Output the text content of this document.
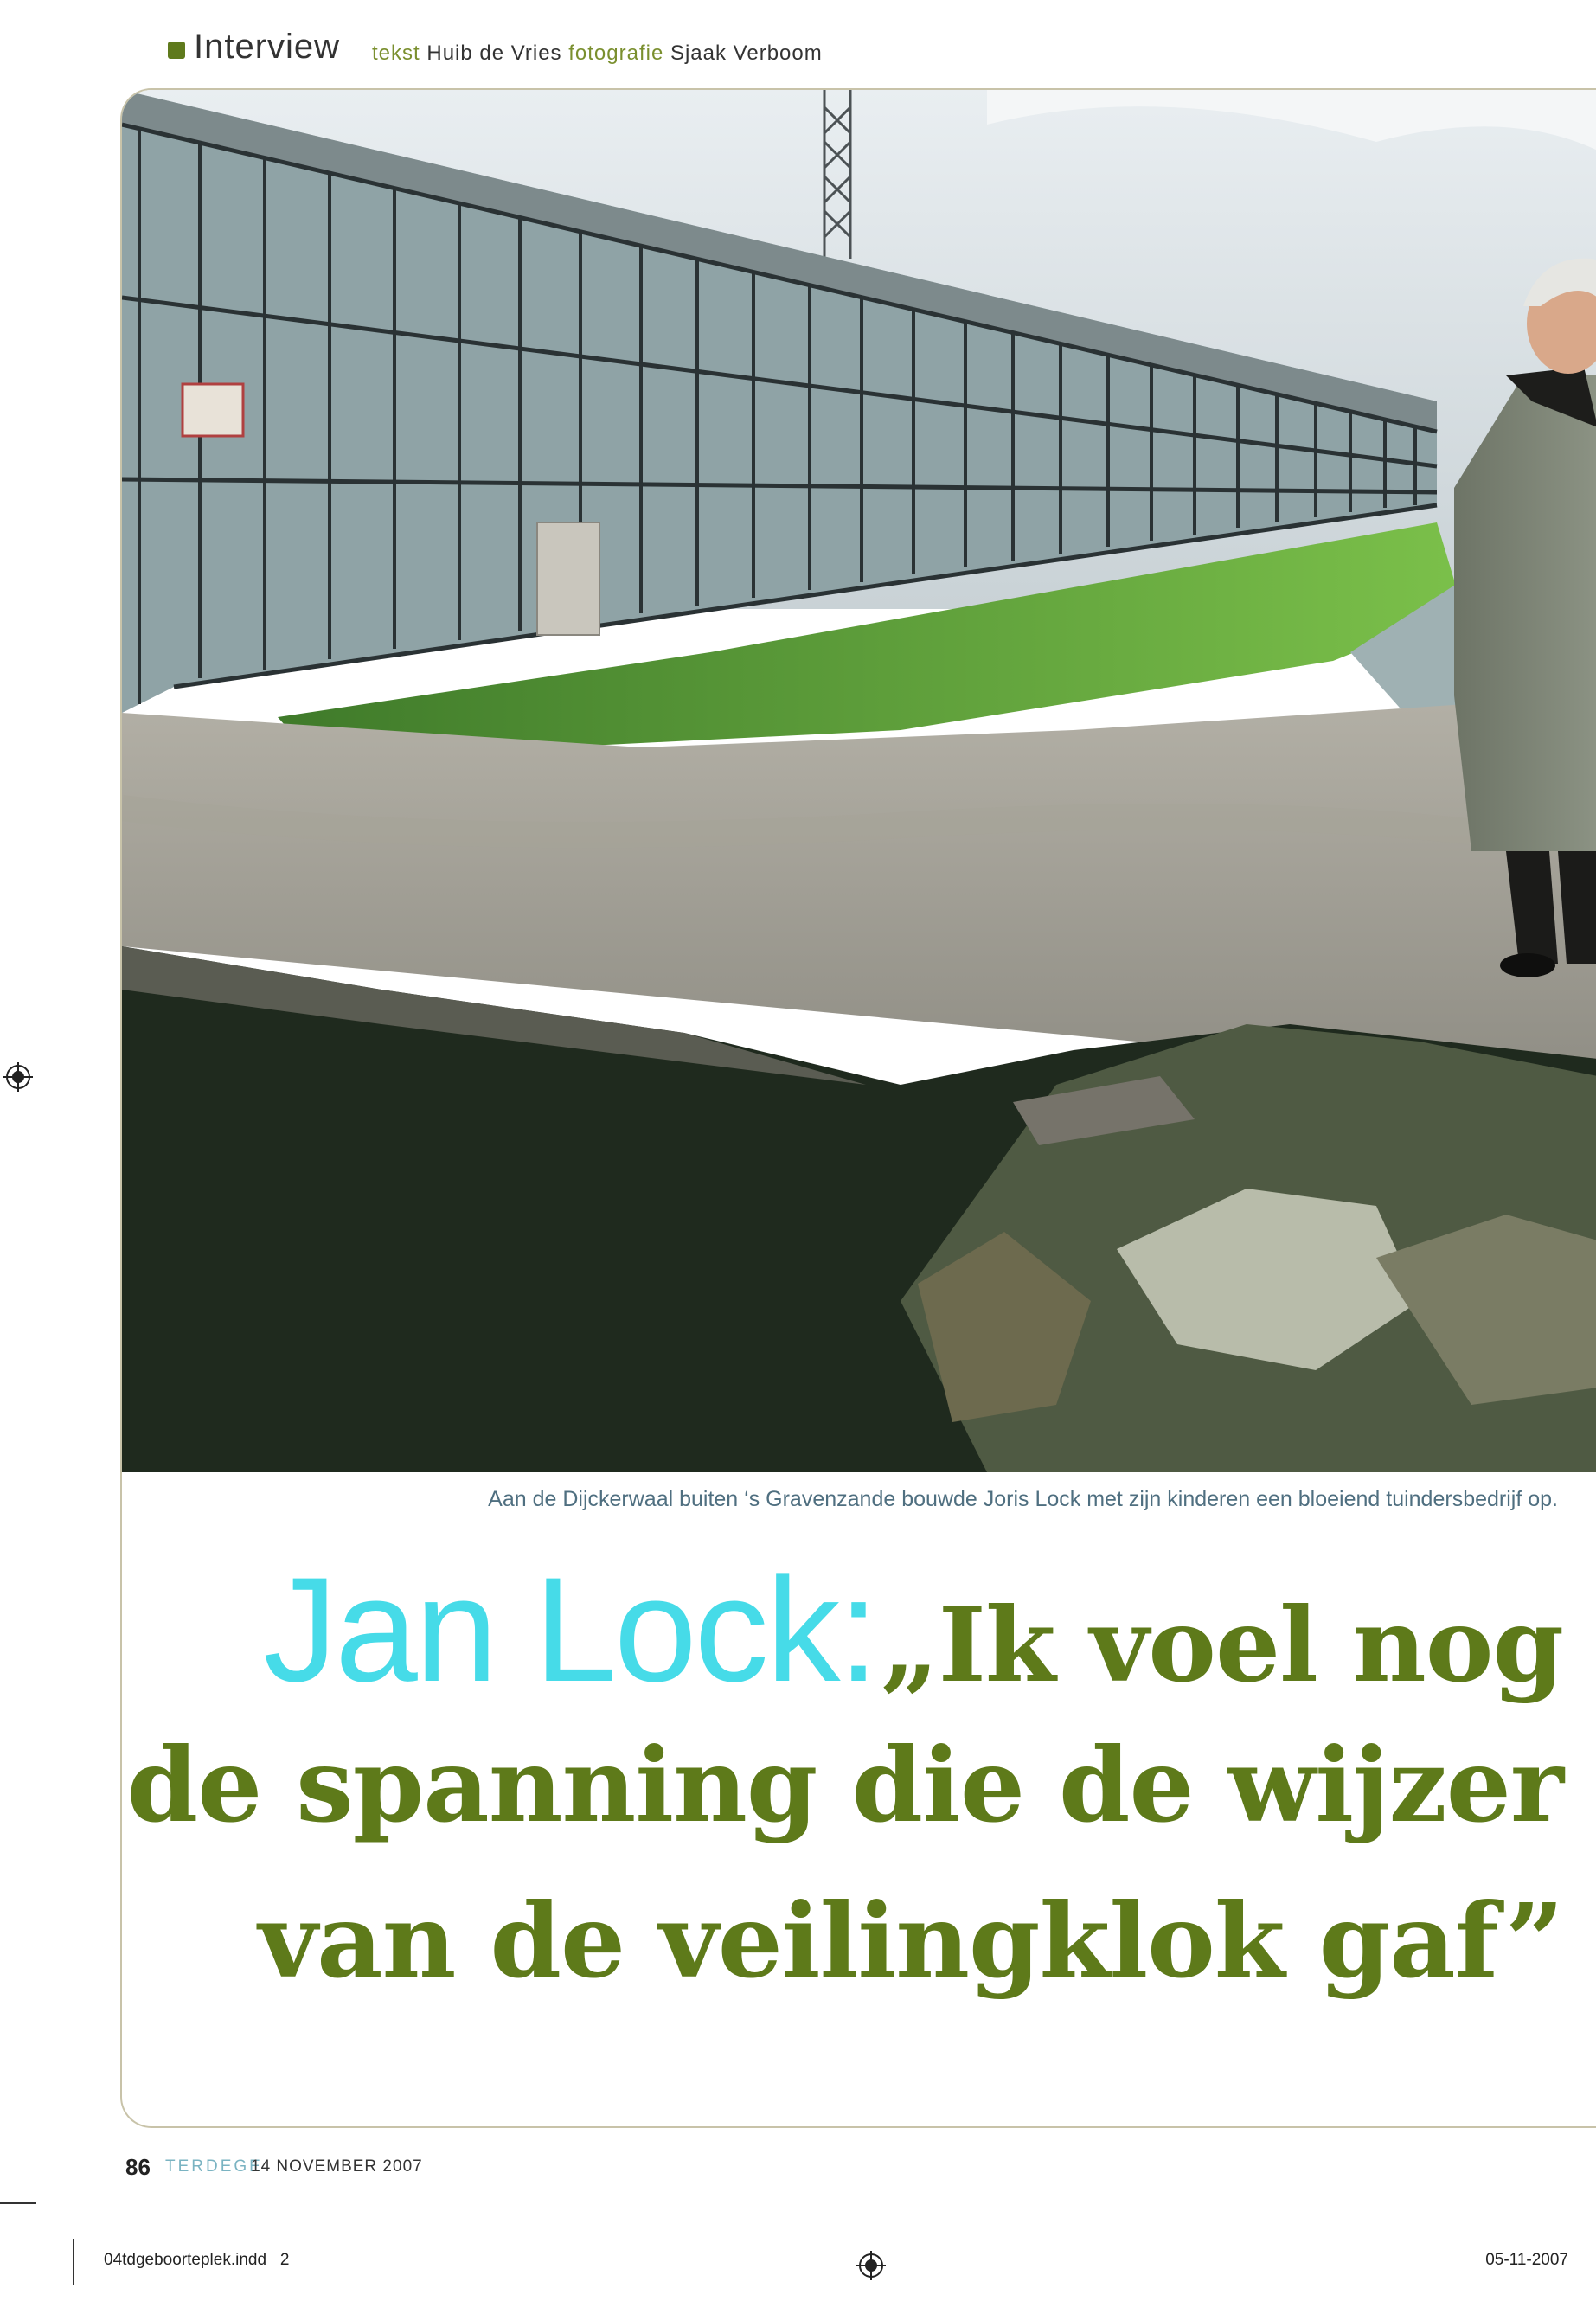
Interview tekst Huib de Vries fotografie Sjaak Verboom
Aan de Dijckerwaal buiten ‘s Gravenzande bouwde Joris Lock met zijn kinderen een bloeiend tuindersbedrijf op.
Jan Lock: „Ik voel nog
de spanning die de wijzer
van de veilingklok gaf”
86 TERDEGE
14 NOVEMBER 2007
04tdgeboorteplek.indd   2	05-11-2007
